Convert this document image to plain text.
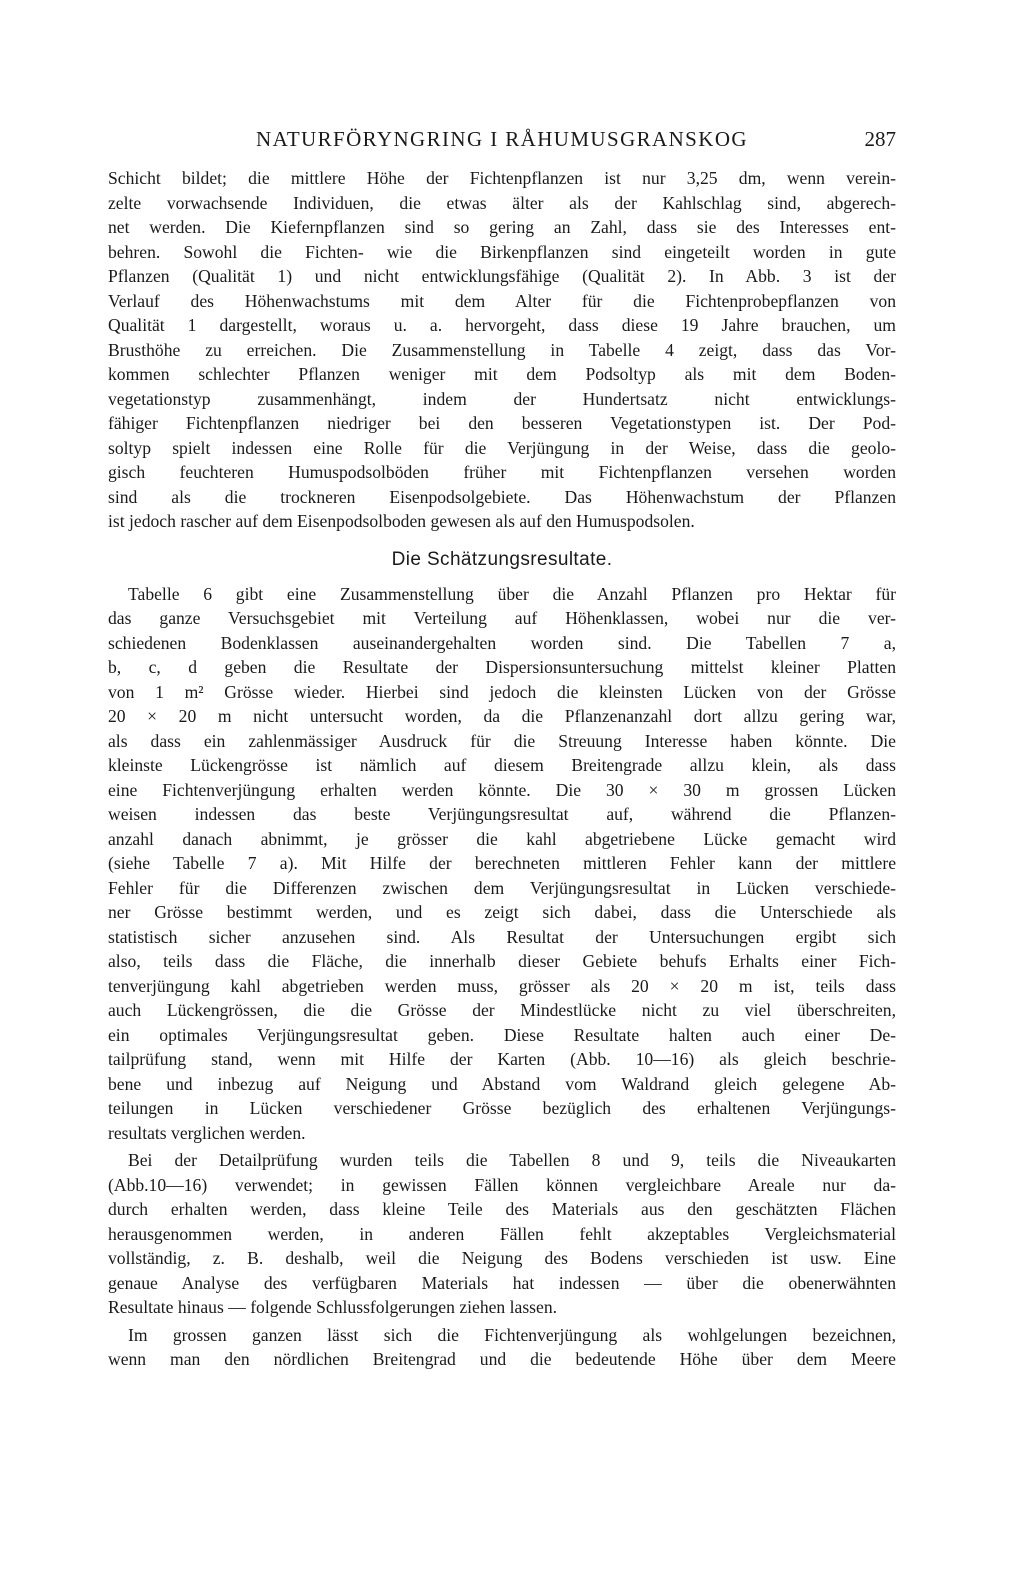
NATURFÖRYNGRING I RÅHUMUSGRANSKOG	287
Schicht bildet; die mittlere Höhe der Fichtenpflanzen ist nur 3,25 dm, wenn verein-
zelte vorwachsende Individuen, die etwas älter als der Kahlschlag sind, abgerech-
net werden. Die Kiefernpflanzen sind so gering an Zahl, dass sie des Interesses ent-
behren. Sowohl die Fichten- wie die Birkenpflanzen sind eingeteilt worden in gute
Pflanzen (Qualität 1) und nicht entwicklungsfähige (Qualität 2). In Abb. 3 ist der
Verlauf des Höhenwachstums mit dem Alter für die Fichtenprobepflanzen von
Qualität 1 dargestellt, woraus u. a. hervorgeht, dass diese 19 Jahre brauchen, um
Brusthöhe zu erreichen. Die Zusammenstellung in Tabelle 4 zeigt, dass das Vor-
kommen schlechter Pflanzen weniger mit dem Podsoltyp als mit dem Boden-
vegetationstyp zusammenhängt, indem der Hundertsatz nicht entwicklungs-
fähiger Fichtenpflanzen niedriger bei den besseren Vegetationstypen ist. Der Pod-
soltyp spielt indessen eine Rolle für die Verjüngung in der Weise, dass die geolo-
gisch feuchteren Humuspodsolböden früher mit Fichtenpflanzen versehen worden
sind als die trockneren Eisenpodsolgebiete. Das Höhenwachstum der Pflanzen
ist jedoch rascher auf dem Eisenpodsolboden gewesen als auf den Humuspodsolen.
Die Schätzungsresultate.
Tabelle 6 gibt eine Zusammenstellung über die Anzahl Pflanzen pro Hektar für
das ganze Versuchsgebiet mit Verteilung auf Höhenklassen, wobei nur die ver-
schiedenen Bodenklassen auseinandergehalten worden sind. Die Tabellen 7 a,
b, c, d geben die Resultate der Dispersionsuntersuchung mittelst kleiner Platten
von 1 m² Grösse wieder. Hierbei sind jedoch die kleinsten Lücken von der Grösse
20 × 20 m nicht untersucht worden, da die Pflanzenanzahl dort allzu gering war,
als dass ein zahlenmässiger Ausdruck für die Streuung Interesse haben könnte. Die
kleinste Lückengrösse ist nämlich auf diesem Breitengrade allzu klein, als dass
eine Fichtenverjüngung erhalten werden könnte. Die 30 × 30 m grossen Lücken
weisen indessen das beste Verjüngungsresultat auf, während die Pflanzen-
anzahl danach abnimmt, je grösser die kahl abgetriebene Lücke gemacht wird
(siehe Tabelle 7 a). Mit Hilfe der berechneten mittleren Fehler kann der mittlere
Fehler für die Differenzen zwischen dem Verjüngungsresultat in Lücken verschiede-
ner Grösse bestimmt werden, und es zeigt sich dabei, dass die Unterschiede als
statistisch sicher anzusehen sind. Als Resultat der Untersuchungen ergibt sich
also, teils dass die Fläche, die innerhalb dieser Gebiete behufs Erhalts einer Fich-
tenverjüngung kahl abgetrieben werden muss, grösser als 20 × 20 m ist, teils dass
auch Lückengrössen, die die Grösse der Mindestlücke nicht zu viel überschreiten,
ein optimales Verjüngungsresultat geben. Diese Resultate halten auch einer De-
tailprüfung stand, wenn mit Hilfe der Karten (Abb. 10—16) als gleich beschrie-
bene und inbezug auf Neigung und Abstand vom Waldrand gleich gelegene Ab-
teilungen in Lücken verschiedener Grösse bezüglich des erhaltenen Verjüngungs-
resultats verglichen werden.
Bei der Detailprüfung wurden teils die Tabellen 8 und 9, teils die Niveaukarten
(Abb.10—16) verwendet; in gewissen Fällen können vergleichbare Areale nur da-
durch erhalten werden, dass kleine Teile des Materials aus den geschätzten Flächen
herausgenommen werden, in anderen Fällen fehlt akzeptables Vergleichsmaterial
vollständig, z. B. deshalb, weil die Neigung des Bodens verschieden ist usw. Eine
genaue Analyse des verfügbaren Materials hat indessen — über die obenerwähnten
Resultate hinaus — folgende Schlussfolgerungen ziehen lassen.
Im grossen ganzen lässt sich die Fichtenverjüngung als wohlgelungen bezeichnen,
wenn man den nördlichen Breitengrad und die bedeutende Höhe über dem Meere
